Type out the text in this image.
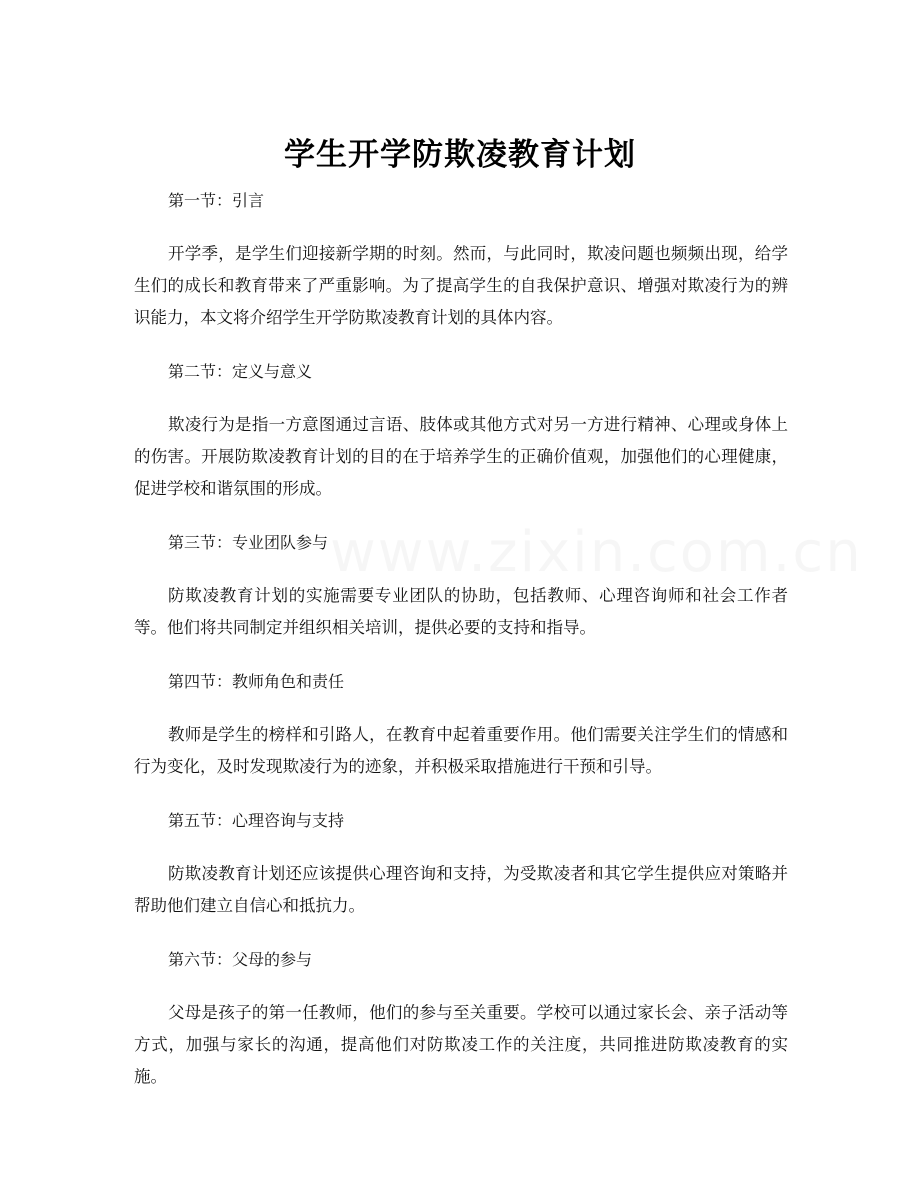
学生开学防欺凌教育计划

第一节：引言

开学季，是学生们迎接新学期的时刻。然而，与此同时，欺凌问题也频频出现，给学生们的成长和教育带来了严重影响。为了提高学生的自我保护意识、增强对欺凌行为的辨识能力，本文将介绍学生开学防欺凌教育计划的具体内容。

第二节：定义与意义

欺凌行为是指一方意图通过言语、肢体或其他方式对另一方进行精神、心理或身体上的伤害。开展防欺凌教育计划的目的在于培养学生的正确价值观，加强他们的心理健康，促进学校和谐氛围的形成。

第三节：专业团队参与

防欺凌教育计划的实施需要专业团队的协助，包括教师、心理咨询师和社会工作者等。他们将共同制定并组织相关培训，提供必要的支持和指导。

第四节：教师角色和责任

教师是学生的榜样和引路人，在教育中起着重要作用。他们需要关注学生们的情感和行为变化，及时发现欺凌行为的迹象，并积极采取措施进行干预和引导。

第五节：心理咨询与支持

防欺凌教育计划还应该提供心理咨询和支持，为受欺凌者和其它学生提供应对策略并帮助他们建立自信心和抵抗力。

第六节：父母的参与

父母是孩子的第一任教师，他们的参与至关重要。学校可以通过家长会、亲子活动等方式，加强与家长的沟通，提高他们对防欺凌工作的关注度，共同推进防欺凌教育的实施。
